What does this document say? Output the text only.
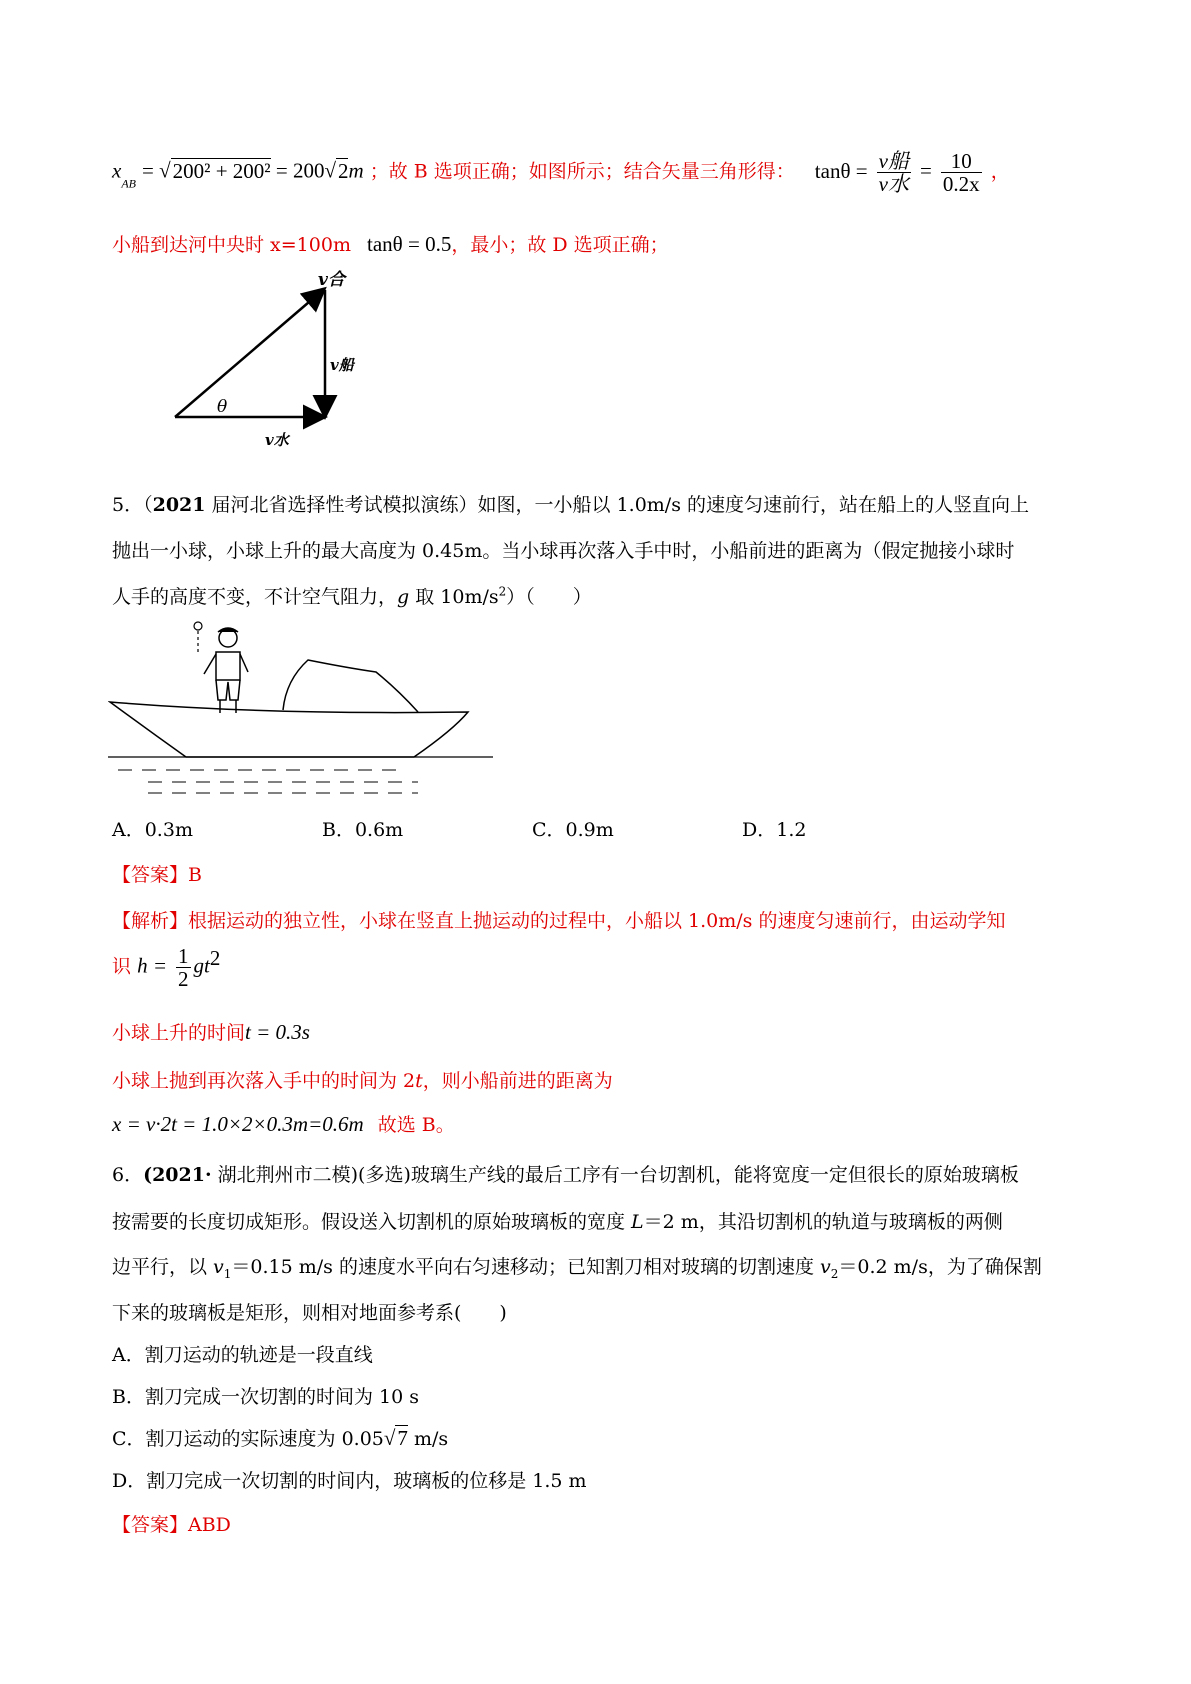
$x_{AB} = √200^2 + 200^2 = 200√2m$ ；故 B 选项正确；如图所示；结合矢量三角形得： $\tan\theta = \frac{\text{v船}}{\text{v水}} = \frac{10}{0.2x}$ ，
小船到达河中央时 x=100m tanθ = 0.5，最小；故 D 选项正确；
v合
v船
v水
θ
5．（2021 届河北省选择性考试模拟演练）如图，一小船以 1.0m/s 的速度匀速前行，站在船上的人竖直向上
抛出一小球，小球上升的最大高度为 0.45m。当小球再次落入手中时，小船前进的距离为（假定抛接小球时
人手的高度不变，不计空气阻力，g 取 $10m/s^2$）（　　）
A．0.3m	B．0.6m	C．0.9m	D．1.2
【答案】B
【解析】根据运动的独立性，小球在竖直上抛运动的过程中，小船以 1.0m/s 的速度匀速前行，由运动学知
识 $h = \frac{1}{2} gt^2$
小球上升的时间t = 0.3s
小球上抛到再次落入手中的时间为 2t，则小船前进的距离为
x = v·2t = 1.0×2×0.3m=0.6m 故选 B。
6．(2021· 湖北荆州市二模)(多选)玻璃生产线的最后工序有一台切割机，能将宽度一定但很长的原始玻璃板
按需要的长度切成矩形。假设送入切割机的原始玻璃板的宽度 L＝2 m，其沿切割机的轨道与玻璃板的两侧
边平行，以 $v_1=0.15$ m/s 的速度水平向右匀速移动；已知割刀相对玻璃的切割速度 $v_2=0.2$ m/s，为了确保割
下来的玻璃板是矩形，则相对地面参考系(　　)
A．割刀运动的轨迹是一段直线
B．割刀完成一次切割的时间为 10 s
C．割刀运动的实际速度为 0.05√7 m/s
D．割刀完成一次切割的时间内，玻璃板的位移是 1.5 m
【答案】ABD
